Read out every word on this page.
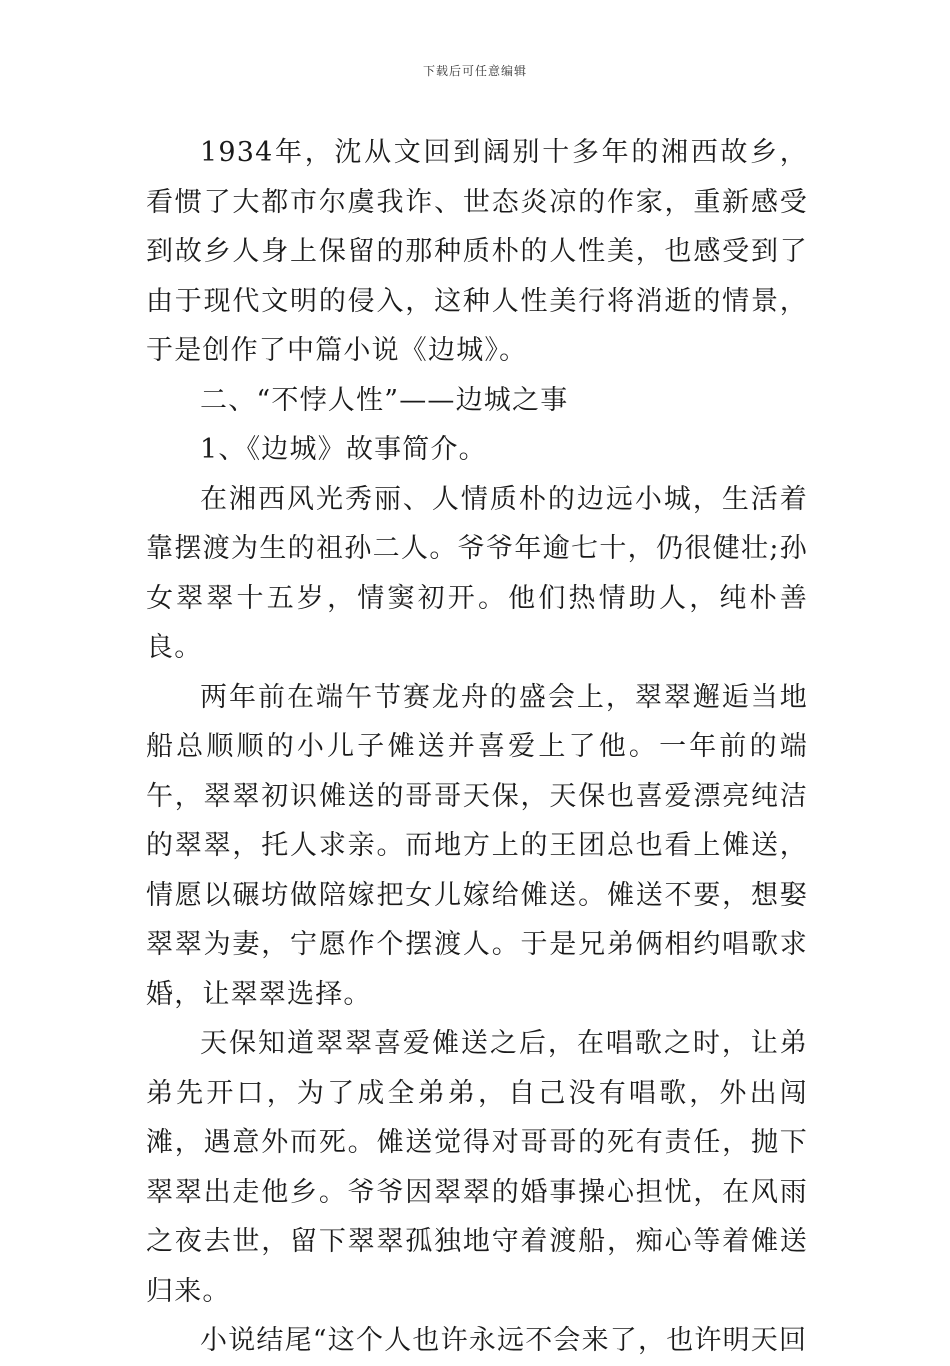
下载后可任意编辑

1934年，沈从文回到阔别十多年的湘西故乡，看惯了大都市尔虞我诈、世态炎凉的作家，重新感受到故乡人身上保留的那种质朴的人性美，也感受到了由于现代文明的侵入，这种人性美行将消逝的情景，于是创作了中篇小说《边城》。

二、“不悖人性”——边城之事

1、《边城》故事简介。

在湘西风光秀丽、人情质朴的边远小城，生活着靠摆渡为生的祖孙二人。爷爷年逾七十，仍很健壮;孙女翠翠十五岁，情窦初开。他们热情助人，纯朴善良。

两年前在端午节赛龙舟的盛会上，翠翠邂逅当地船总顺顺的小儿子傩送并喜爱上了他。一年前的端午，翠翠初识傩送的哥哥天保，天保也喜爱漂亮纯洁的翠翠，托人求亲。而地方上的王团总也看上傩送，情愿以碾坊做陪嫁把女儿嫁给傩送。傩送不要，想娶翠翠为妻，宁愿作个摆渡人。于是兄弟俩相约唱歌求婚，让翠翠选择。

天保知道翠翠喜爱傩送之后，在唱歌之时，让弟弟先开口，为了成全弟弟，自己没有唱歌，外出闯滩，遇意外而死。傩送觉得对哥哥的死有责任，抛下翠翠出走他乡。爷爷因翠翠的婚事操心担忧，在风雨之夜去世，留下翠翠孤独地守着渡船，痴心等着傩送归来。

小说结尾“这个人也许永远不会来了，也许明天回
